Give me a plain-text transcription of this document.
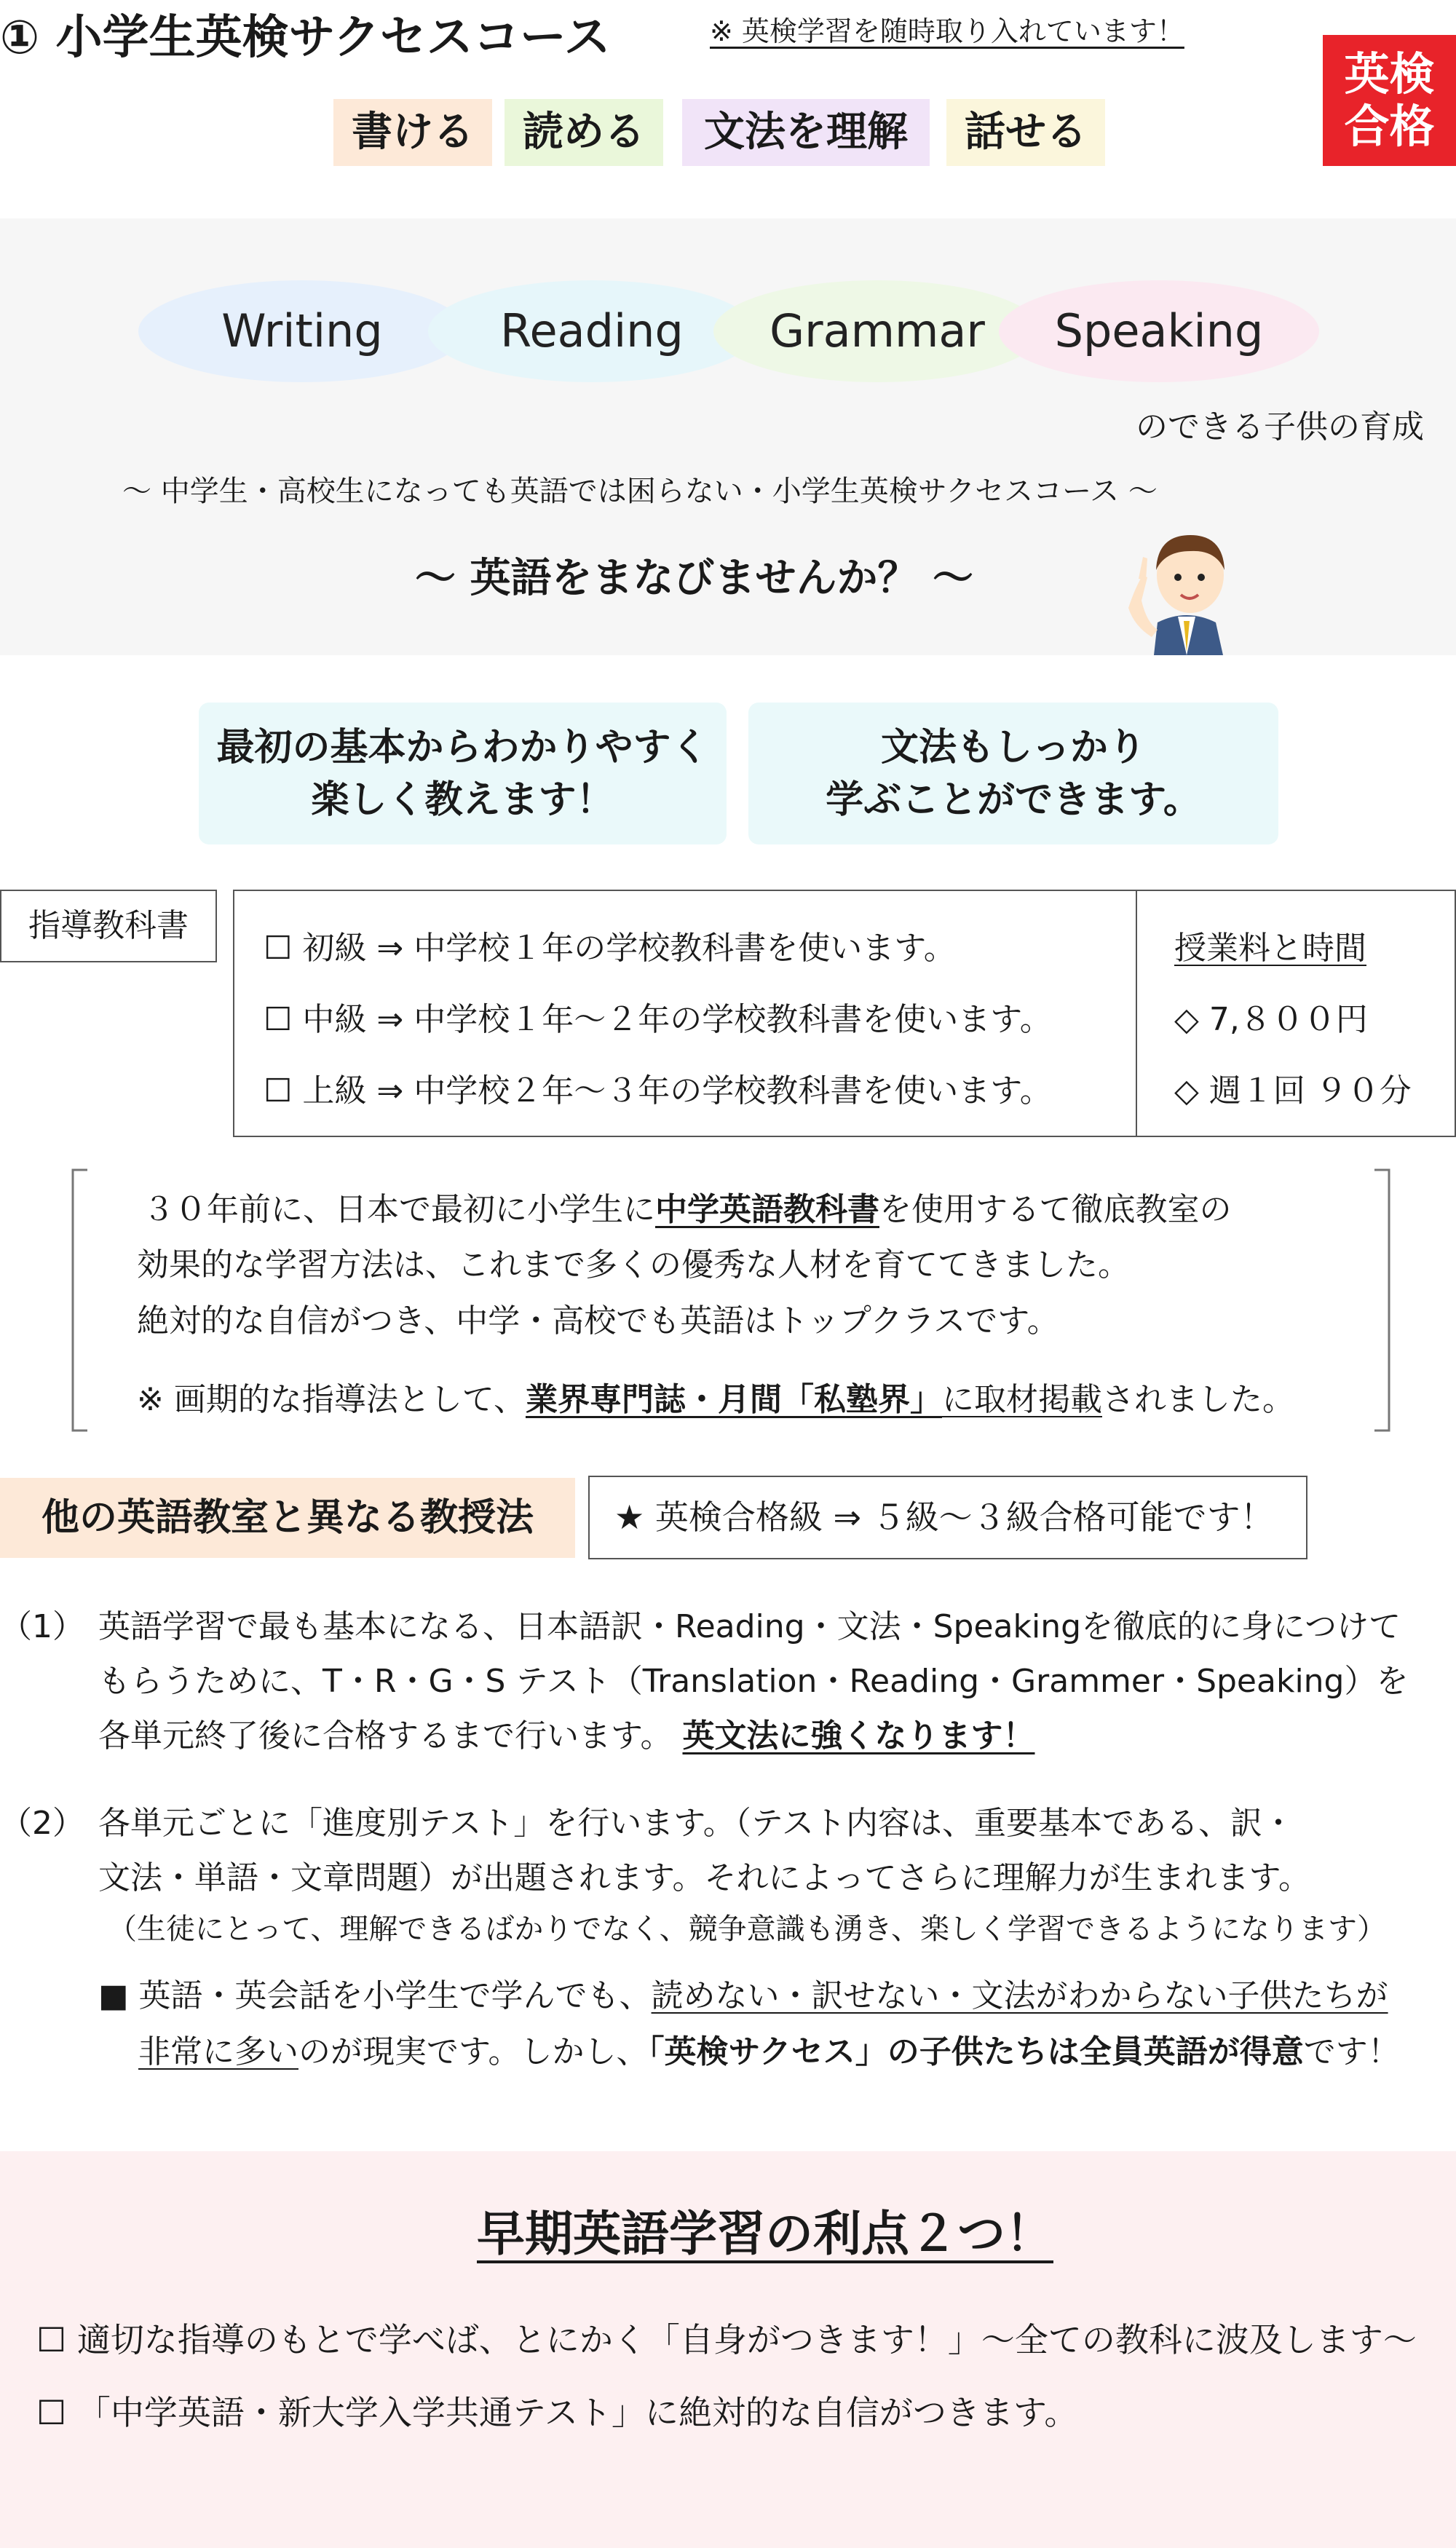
① 小学生英検サクセスコース	※ 英検学習を随時取り入れています！
書ける	読める	文法を理解	話せる
英検
合格
Writing	Reading	Grammar	Speaking
のできる子供の育成
〜 中学生・高校生になっても英語では困らない・小学生英検サクセスコース 〜
〜 英語をまなびませんか？ 〜
最初の基本からわかりやすく
楽しく教えます！
文法もしっかり
学ぶことができます。
指導教科書
☐ 初級 ⇒ 中学校１年の学校教科書を使います。
☐ 中級 ⇒ 中学校１年〜２年の学校教科書を使います。
☐ 上級 ⇒ 中学校２年〜３年の学校教科書を使います。
授業料と時間
◇ 7,８００円
◇ 週１回 ９０分
３０年前に、日本で最初に小学生に中学英語教科書を使用するて徹底教室の
効果的な学習方法は、これまで多くの優秀な人材を育ててきました。
絶対的な自信がつき、中学・高校でも英語はトップクラスです。
※ 画期的な指導法として、業界専門誌・月間「私塾界」に取材掲載されました。
他の英語教室と異なる教授法	★ 英検合格級 ⇒ ５級〜３級合格可能です！
（1） 英語学習で最も基本になる、日本語訳・Reading・文法・Speakingを徹底的に身につけて
もらうために、T・R・G・S テスト（Translation・Reading・Grammer・Speaking）を
各単元終了後に合格するまで行います。 英文法に強くなります！
（2） 各単元ごとに「進度別テスト」を行います。（テスト内容は、重要基本である、訳・
文法・単語・文章問題）が出題されます。それによってさらに理解力が生まれます。
（生徒にとって、理解できるばかりでなく、競争意識も湧き、楽しく学習できるようになります）
■ 英語・英会話を小学生で学んでも、読めない・訳せない・文法がわからない子供たちが
非常に多いのが現実です。しかし、「英検サクセス」の子供たちは全員英語が得意です！
早期英語学習の利点２つ！
☐ 適切な指導のもとで学べば、とにかく「自身がつきます！」〜全ての教科に波及します〜
☐ 「中学英語・新大学入学共通テスト」に絶対的な自信がつきます。
